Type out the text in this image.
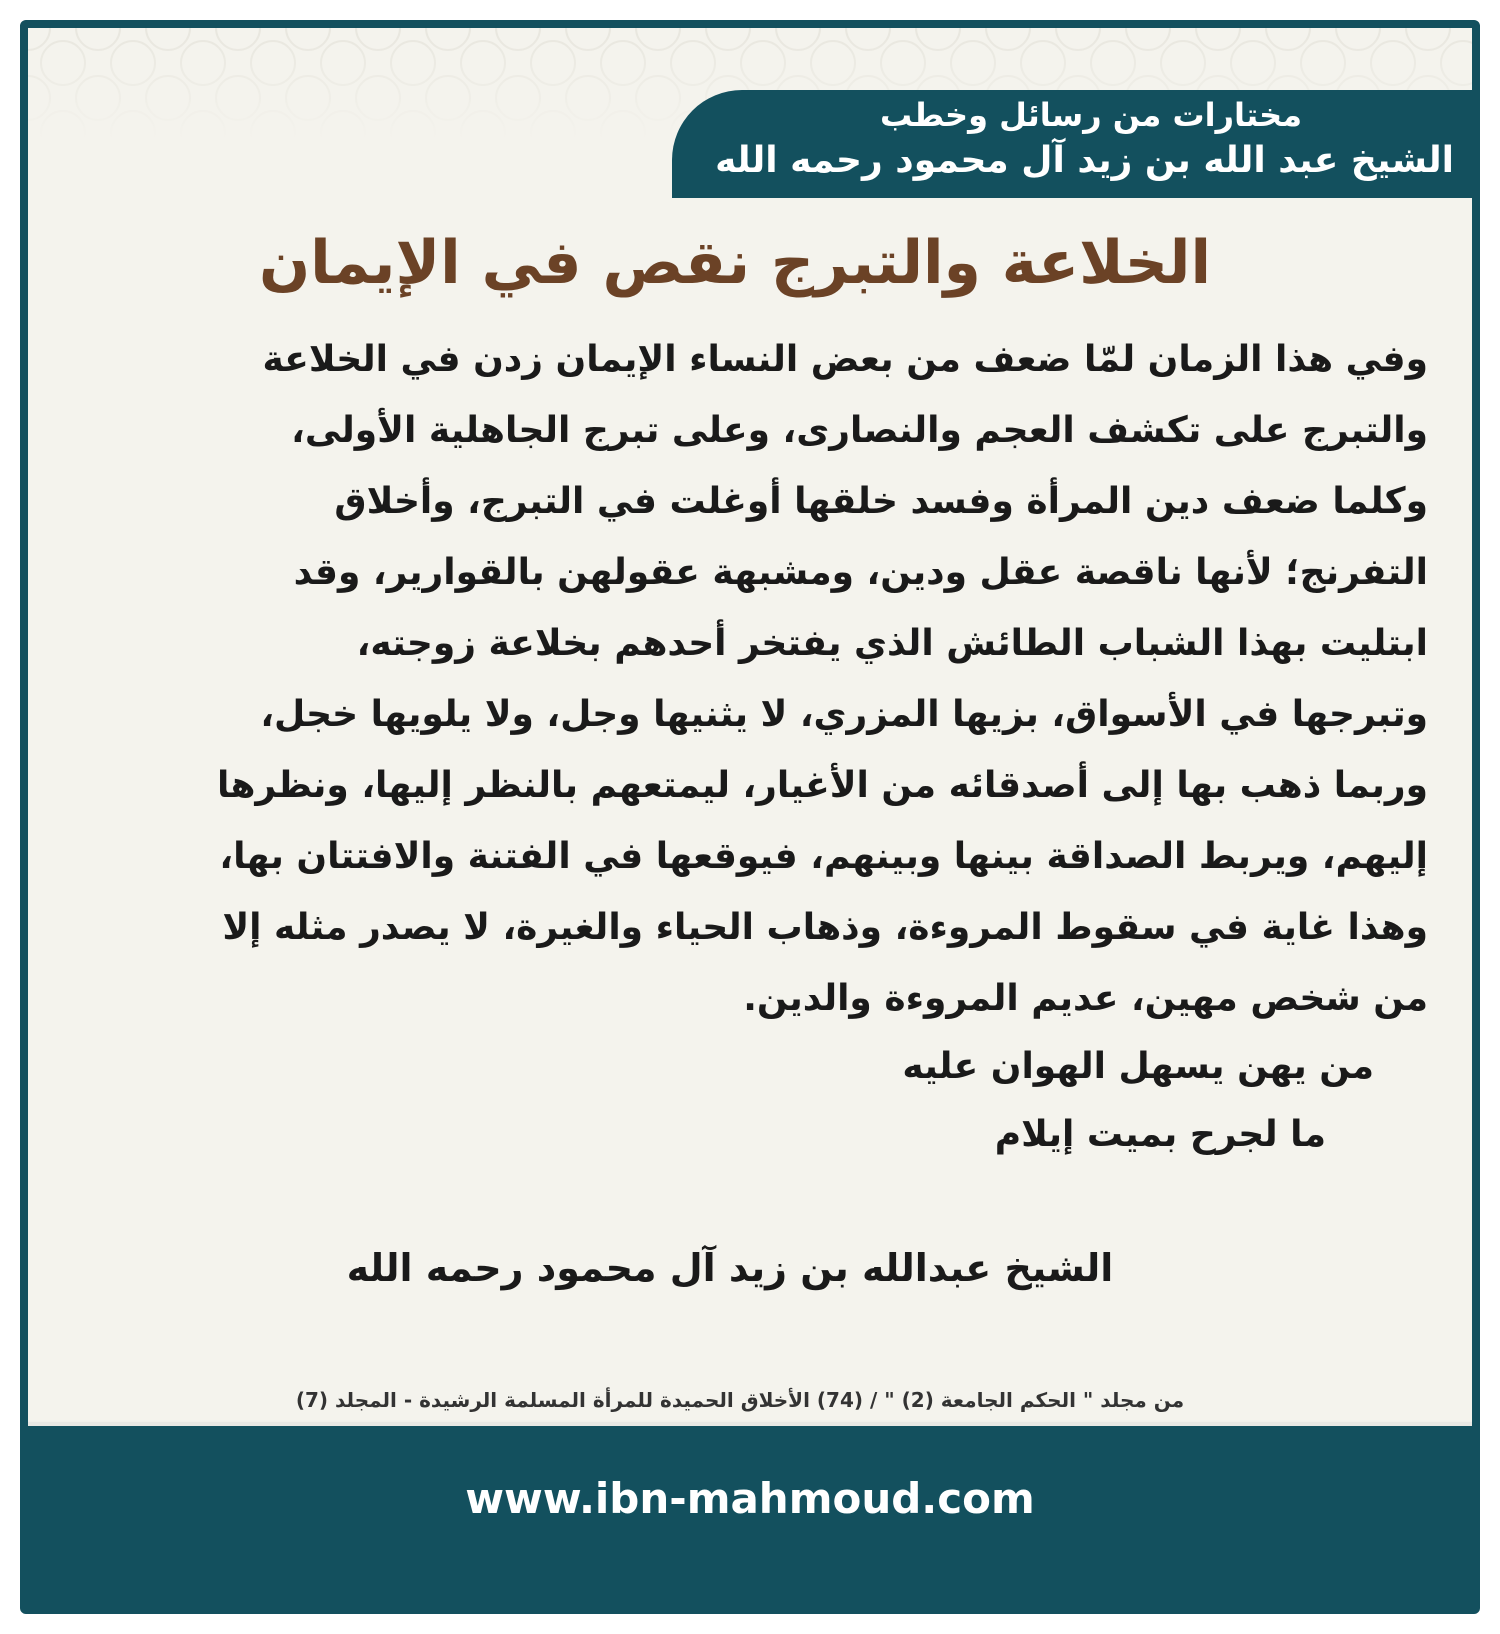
مختارات من رسائل وخطب
الشيخ عبد الله بن زيد آل محمود رحمه الله
الخلاعة والتبرج نقص في الإيمان
وفي هذا الزمان لمّا ضعف من بعض النساء الإيمان زدن في الخلاعة
والتبرج على تكشف العجم والنصارى، وعلى تبرج الجاهلية الأولى،
وكلما ضعف دين المرأة وفسد خلقها أوغلت في التبرج، وأخلاق
التفرنج؛ لأنها ناقصة عقل ودين، ومشبهة عقولهن بالقوارير، وقد
ابتليت بهذا الشباب الطائش الذي يفتخر أحدهم بخلاعة زوجته،
وتبرجها في الأسواق، بزيها المزري، لا يثنيها وجل، ولا يلويها خجل،
وربما ذهب بها إلى أصدقائه من الأغيار، ليمتعهم بالنظر إليها، ونظرها
إليهم، ويربط الصداقة بينها وبينهم، فيوقعها في الفتنة والافتتان بها،
وهذا غاية في سقوط المروءة، وذهاب الحياء والغيرة، لا يصدر مثله إلا
من شخص مهين، عديم المروءة والدين.
من يهن يسهل الهوان عليه
ما لجرح بميت إيلام
الشيخ عبدالله بن زيد آل محمود رحمه الله
من مجلد " الحكم الجامعة (2) " / (74) الأخلاق الحميدة للمرأة المسلمة الرشيدة - المجلد (7)
www.ibn-mahmoud.com
